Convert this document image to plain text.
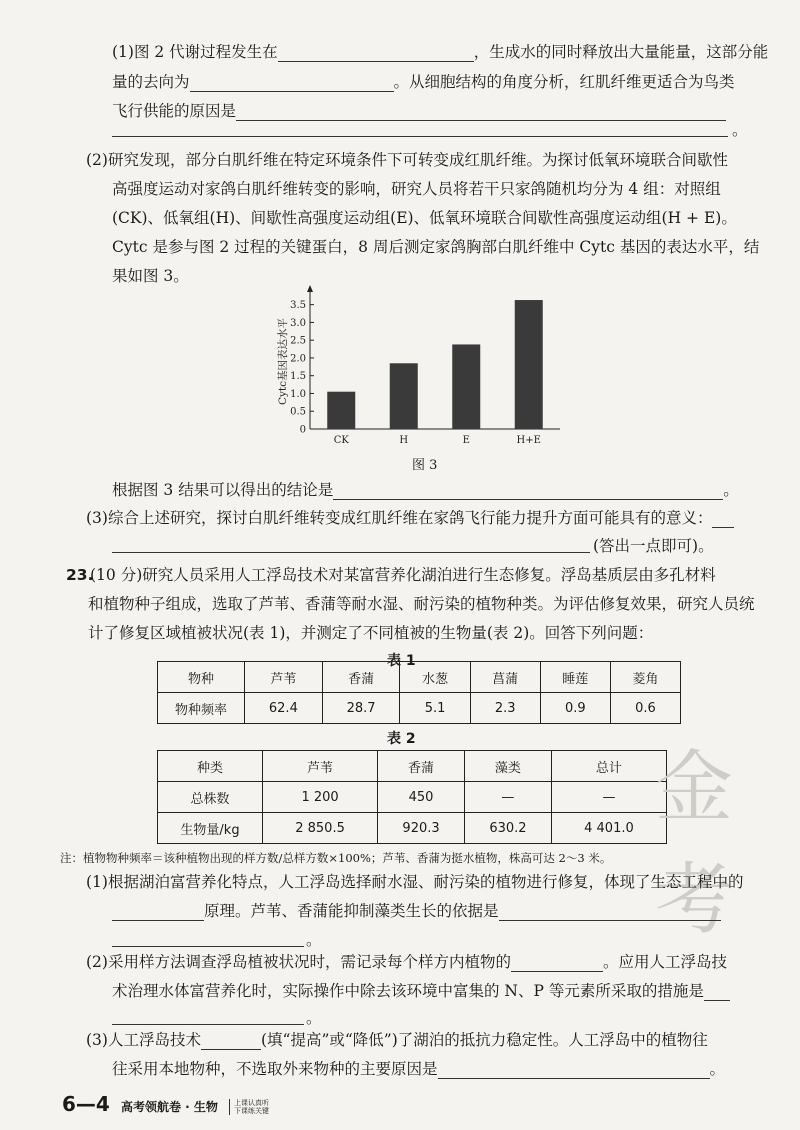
(1)图 2 代谢过程发生在	，生成水的同时释放出大量能量，这部分能
量的去向为	。从细胞结构的角度分析，红肌纤维更适合为鸟类
飞行供能的原因是
。
(2)研究发现，部分白肌纤维在特定环境条件下可转变成红肌纤维。为探讨低氧环境联合间歇性
高强度运动对家鸽白肌纤维转变的影响，研究人员将若干只家鸽随机均分为 4 组：对照组
(CK)、低氧组(H)、间歇性高强度运动组(E)、低氧环境联合间歇性高强度运动组(H + E)。
Cytc 是参与图 2 过程的关键蛋白，8 周后测定家鸽胸部白肌纤维中 Cytc 基因的表达水平，结
果如图 3。
0
0.5
1.0
1.5
2.0
2.5
3.0
3.5
Cytc基因表达水平
CK	H	E	H+E
图 3
根据图 3 结果可以得出的结论是	。
(3)综合上述研究，探讨白肌纤维转变成红肌纤维在家鸽飞行能力提升方面可能具有的意义：
(答出一点即可)。
23.
(10 分)研究人员采用人工浮岛技术对某富营养化湖泊进行生态修复。浮岛基质层由多孔材料
和植物种子组成，选取了芦苇、香蒲等耐水湿、耐污染的植物种类。为评估修复效果，研究人员统
计了修复区域植被状况(表 1)，并测定了不同植被的生物量(表 2)。回答下列问题：
表 1
物种	芦苇	香蒲	水葱	菖蒲	睡莲	菱角
物种频率	62.4	28.7	5.1	2.3	0.9	0.6
表 2
种类	芦苇	香蒲	藻类	总计
总株数	1 200	450	—	—
生物量/kg	2 850.5	920.3	630.2	4 401.0 金考
注：植物物种频率＝该种植物出现的样方数/总样方数×100%；芦苇、香蒲为挺水植物，株高可达 2～3 米。
(1)根据湖泊富营养化特点，人工浮岛选择耐水湿、耐污染的植物进行修复，体现了生态工程中的
原理。芦苇、香蒲能抑制藻类生长的依据是
。
(2)采用样方法调查浮岛植被状况时，需记录每个样方内植物的	。应用人工浮岛技
术治理水体富营养化时，实际操作中除去该环境中富集的 N、P 等元素所采取的措施是
。
(3)人工浮岛技术	(填“提高”或“降低”)了湖泊的抵抗力稳定性。人工浮岛中的植物往
往采用本地物种，不选取外来物种的主要原因是	。
6—4 高考领航卷 · 生物 上课认真听
下课练关键
